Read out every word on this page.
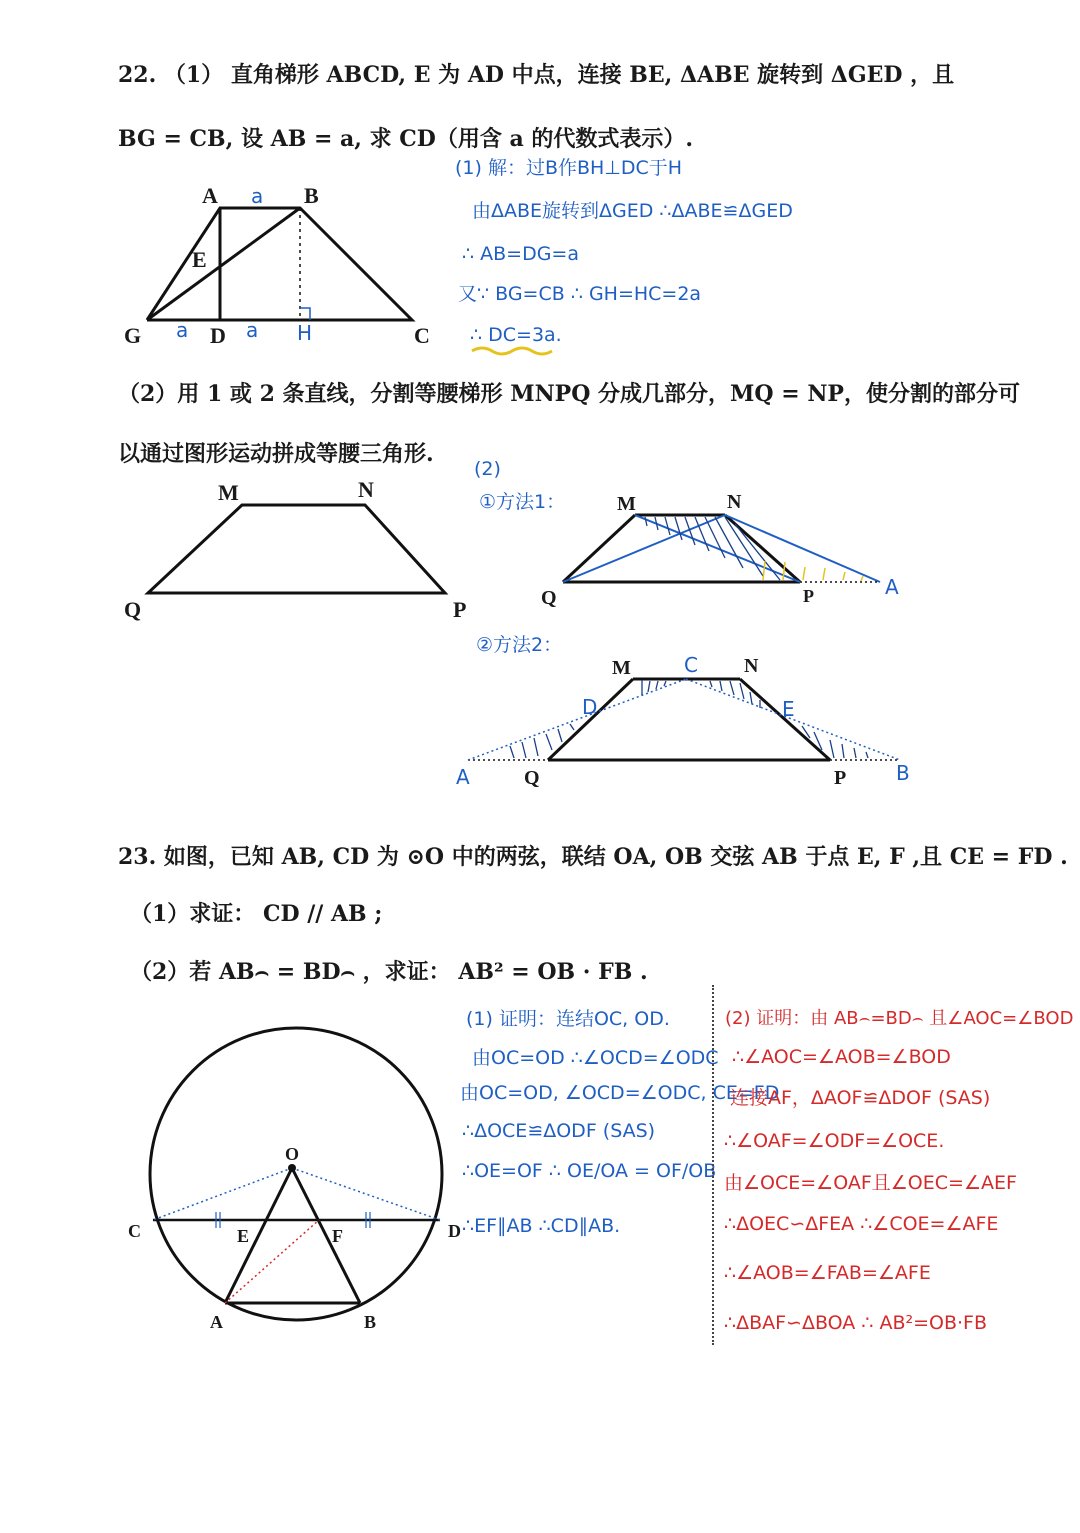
22. （1） 直角梯形 ABCD, E 为 AD 中点，连接 BE, ΔABE 旋转到 ΔGED ，且
BG = CB, 设 AB = a, 求 CD（用含 a 的代数式表示）.
A	B
E
G	D	C
H
a
a	a
(1) 解：过B作BH⊥DC于H
由ΔABE旋转到ΔGED ∴ΔABE≌ΔGED
∴ AB=DG=a
又∵ BG=CB ∴ GH=HC=2a
∴ DC=3a.
（2）用 1 或 2 条直线，分割等腰梯形 MNPQ 分成几部分，MQ = NP，使分割的部分可
以通过图形运动拼成等腰三角形.
M	N
Q	P
(2)
①方法1：
②方法2：
M	N
Q	P	A
M	C N
D	E
A	Q	P B
23. 如图，已知 AB, CD 为 ⊙O 中的两弦，联结 OA, OB 交弦 AB 于点 E, F ,且 CE = FD .
（1）求证： CD // AB ;
（2）若 AB⌢ = BD⌢ ，求证： AB² = OB · FB .
O
C	E	F	D
A	B
(1) 证明：连结OC, OD.
由OC=OD ∴∠OCD=∠ODC
由OC=OD, ∠OCD=∠ODC, CE=FD
∴ΔOCE≌ΔODF (SAS)
∴OE=OF ∴ OE/OA = OF/OB
∴EF∥AB ∴CD∥AB.
(2) 证明：由 AB⌢=BD⌢ 且∠AOC=∠BOD
∴∠AOC=∠AOB=∠BOD
连接AF，ΔAOF≌ΔDOF (SAS)
∴∠OAF=∠ODF=∠OCE.
由∠OCE=∠OAF且∠OEC=∠AEF
∴ΔOEC∽ΔFEA ∴∠COE=∠AFE
∴∠AOB=∠FAB=∠AFE
∴ΔBAF∽ΔBOA ∴ AB²=OB·FB
